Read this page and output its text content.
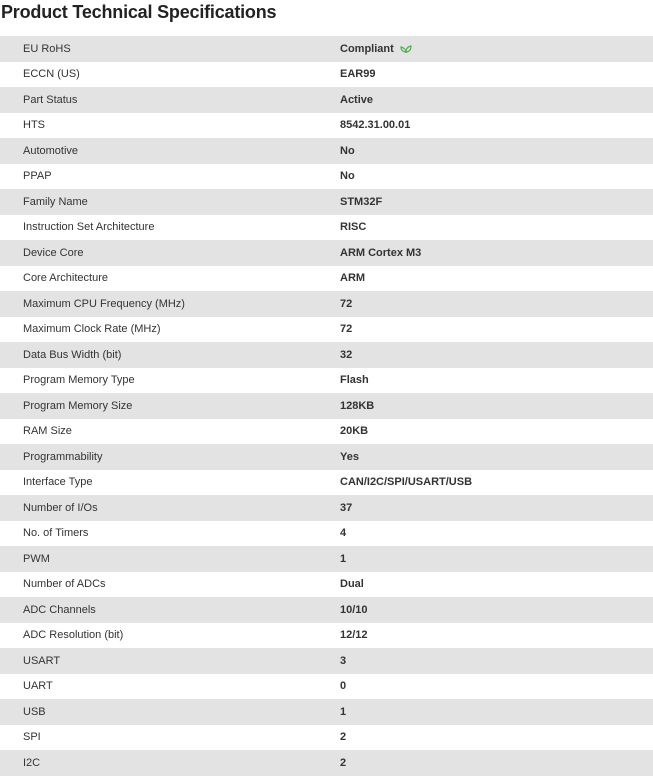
Product Technical Specifications
EU RoHS	Compliant
ECCN (US)	EAR99
Part Status	Active
HTS	8542.31.00.01
Automotive	No
PPAP	No
Family Name	STM32F
Instruction Set Architecture	RISC
Device Core	ARM Cortex M3
Core Architecture	ARM
Maximum CPU Frequency (MHz)	72
Maximum Clock Rate (MHz)	72
Data Bus Width (bit)	32
Program Memory Type	Flash
Program Memory Size	128KB
RAM Size	20KB
Programmability	Yes
Interface Type	CAN/I2C/SPI/USART/USB
Number of I/Os	37
No. of Timers	4
PWM	1
Number of ADCs	Dual
ADC Channels	10/10
ADC Resolution (bit)	12/12
USART	3
UART	0
USB	1
SPI	2
I2C	2
